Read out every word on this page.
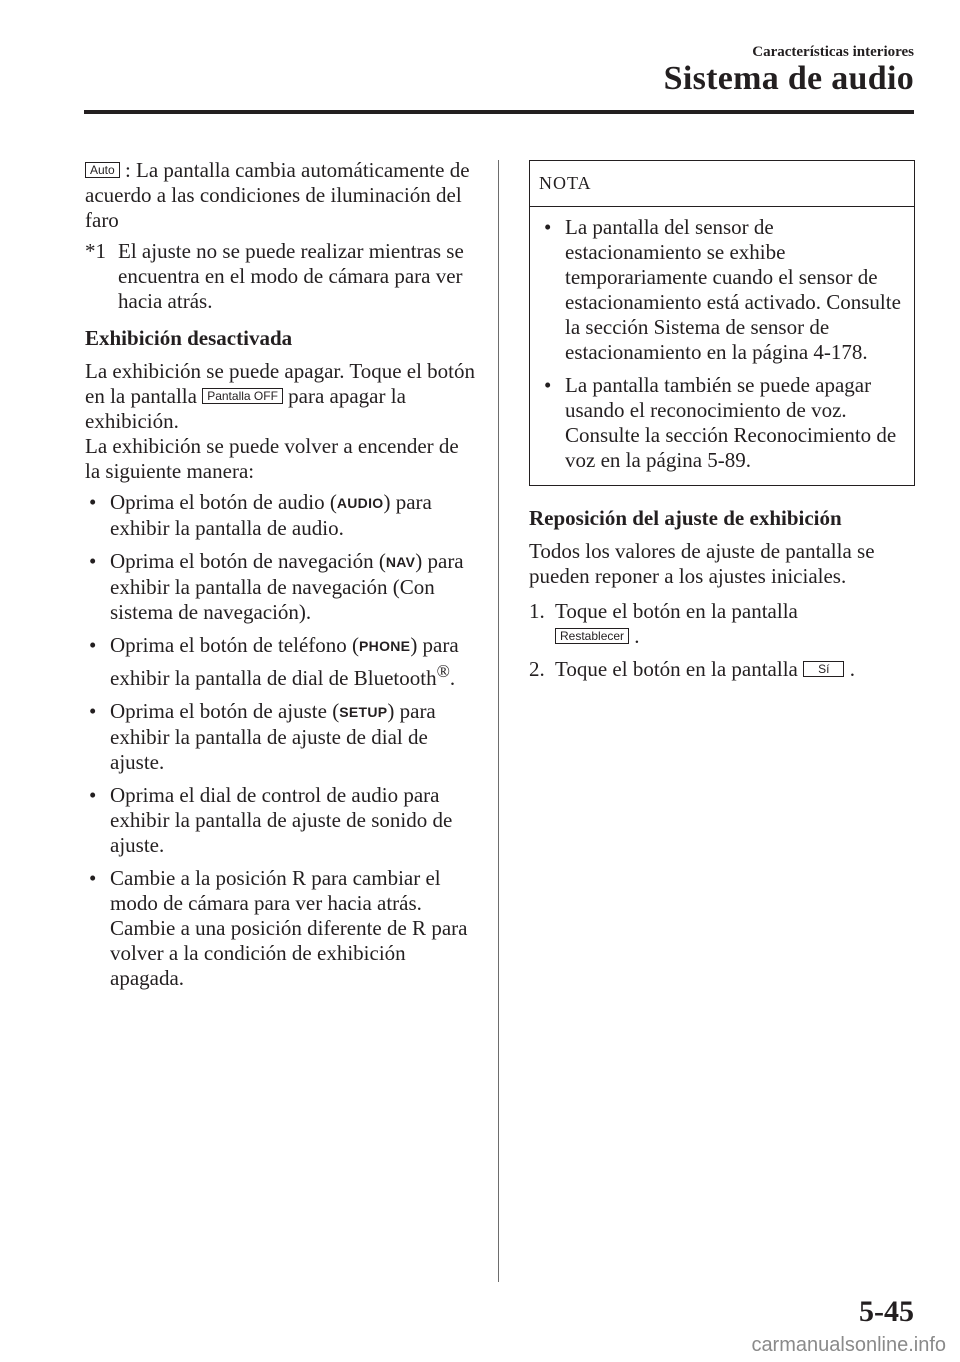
Características interiores
Sistema de audio

Auto : La pantalla cambia automáticamente de acuerdo a las condiciones de iluminación del faro

*1 El ajuste no se puede realizar mientras se encuentra en el modo de cámara para ver hacia atrás.

Exhibición desactivada

La exhibición se puede apagar. Toque el botón en la pantalla Pantalla OFF para apagar la exhibición.

La exhibición se puede volver a encender de la siguiente manera:

• Oprima el botón de audio (AUDIO) para exhibir la pantalla de audio.
• Oprima el botón de navegación (NAV) para exhibir la pantalla de navegación (Con sistema de navegación).
• Oprima el botón de teléfono (PHONE) para exhibir la pantalla de dial de Bluetooth®.
• Oprima el botón de ajuste (SETUP) para exhibir la pantalla de ajuste de dial de ajuste.
• Oprima el dial de control de audio para exhibir la pantalla de ajuste de sonido de ajuste.
• Cambie a la posición R para cambiar el modo de cámara para ver hacia atrás. Cambie a una posición diferente de R para volver a la condición de exhibición apagada.
NOTA
• La pantalla del sensor de estacionamiento se exhibe temporariamente cuando el sensor de estacionamiento está activado. Consulte la sección Sistema de sensor de estacionamiento en la página 4-178.
• La pantalla también se puede apagar usando el reconocimiento de voz. Consulte la sección Reconocimiento de voz en la página 5-89.

Reposición del ajuste de exhibición

Todos los valores de ajuste de pantalla se pueden reponer a los ajustes iniciales.

1. Toque el botón en la pantalla
Restablecer .
2. Toque el botón en la pantalla Sí .
5-45
carmanualsonline.info
